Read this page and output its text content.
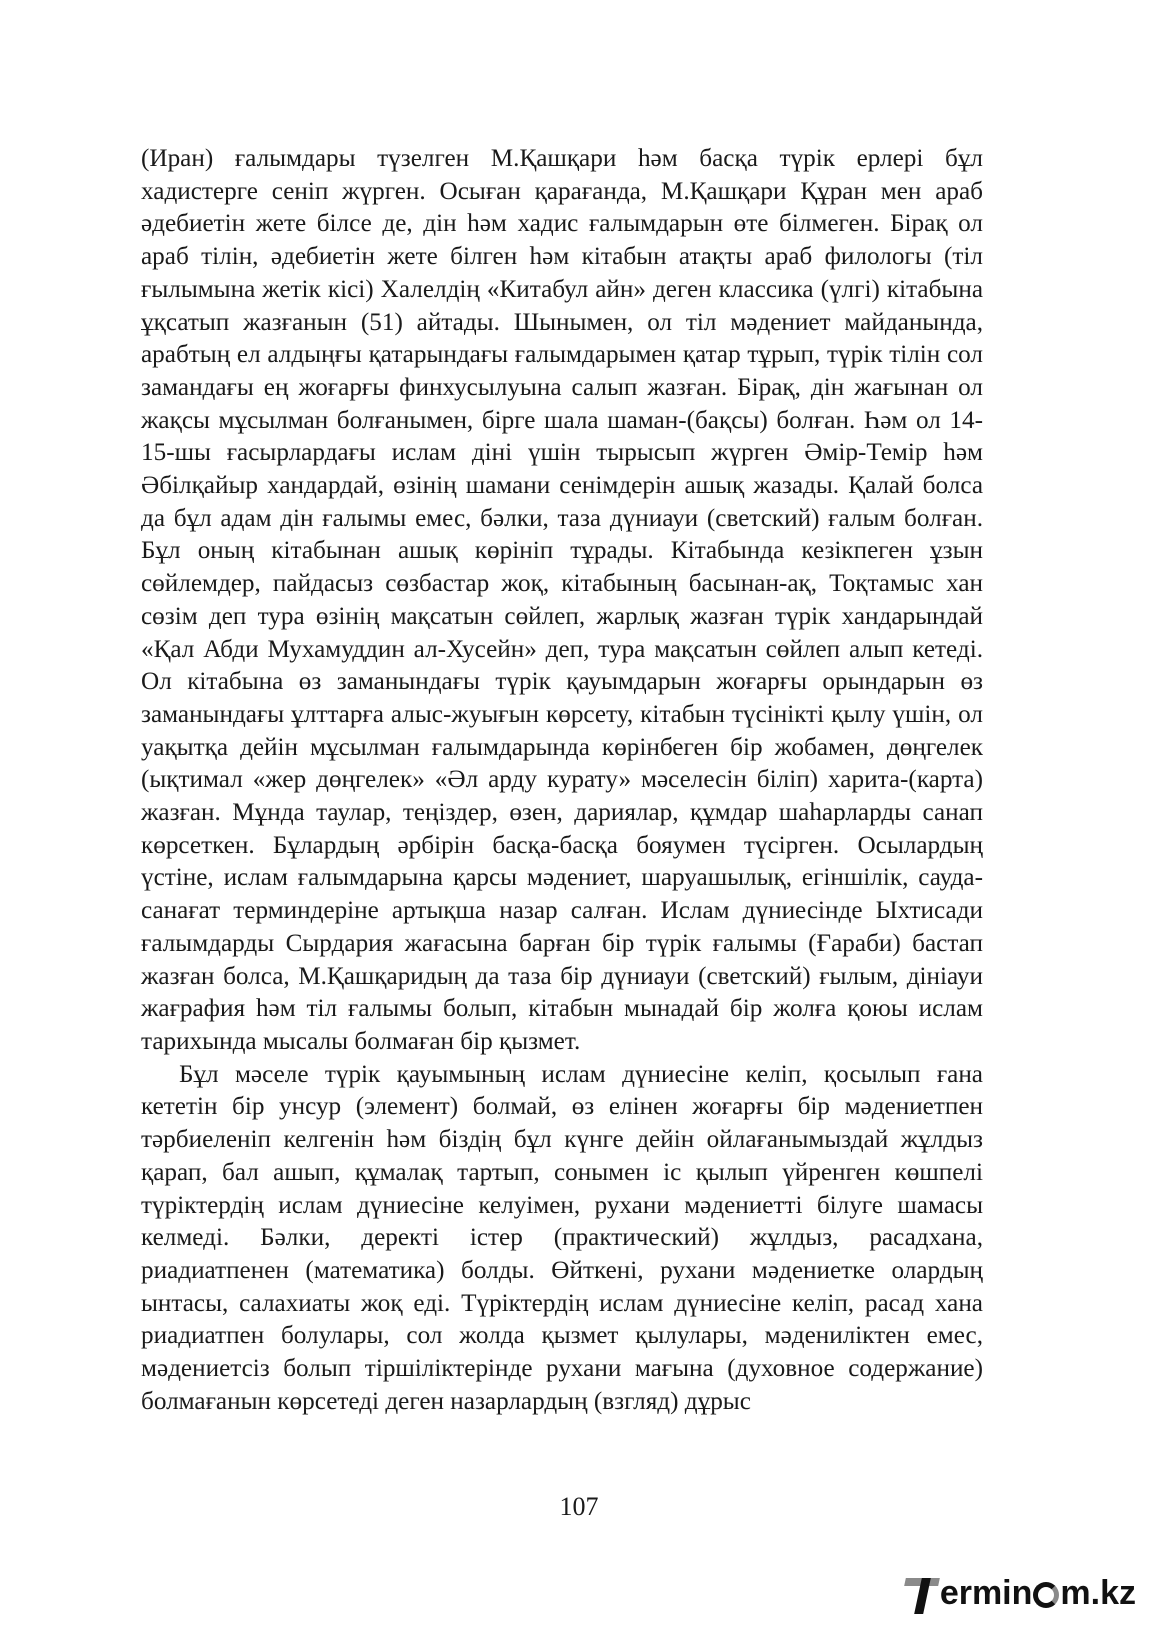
(Иран) ғалымдары түзелген М.Қашқари һәм басқа түрік ерлері бұл хадистерге сеніп жүрген. Осыған қарағанда, М.Қашқари Құран мен араб әдебиетін жете білсе де, дін һәм хадис ғалымдарын өте білмеген. Бірақ ол араб тілін, әдебиетін жете білген һәм кітабын атақты араб филологы (тіл ғылымына жетік кісі) Халелдің «Китабул айн» деген классика (үлгі) кітабына ұқсатып жазғанын (51) айтады. Шынымен, ол тіл мәдениет майданында, арабтың ел алдыңғы қатарындағы ғалымдарымен қатар тұрып, түрік тілін сол замандағы ең жоғарғы финхусылуына салып жазған. Бірақ, дін жағынан ол жақсы мұсылман болғанымен, бірге шала шаман-(бақсы) болған. Һәм ол 14-15-шы ғасырлардағы ислам діні үшін тырысып жүрген Әмір-Темір һәм Әбілқайыр хандардай, өзінің шамани сенімдерін ашық жазады. Қалай болса да бұл адам дін ғалымы емес, бәлки, таза дүниауи (светский) ғалым болған. Бұл оның кітабынан ашық көрініп тұрады. Кітабында кезікпеген ұзын сөйлемдер, пайдасыз сөзбастар жоқ, кітабының басынан-ақ, Тоқтамыс хан сөзім деп тура өзінің мақсатын сөйлеп, жарлық жазған түрік хандарындай «Қал Абди Мухамуддин ал-Хусейн» деп, тура мақсатын сөйлеп алып кетеді. Ол кітабына өз заманындағы түрік қауымдарын жоғарғы орындарын өз заманындағы ұлттарға алыс-жуығын көрсету, кітабын түсінікті қылу үшін, ол уақытқа дейін мұсылман ғалымдарында көрінбеген бір жобамен, дөңгелек (ықтимал «жер дөңгелек» «Әл арду курату» мәселесін біліп) харита-(карта) жазған. Мұнда таулар, теңіздер, өзен, дариялар, құмдар шаһарларды санап көрсеткен. Бұлардың әрбірін басқа-басқа бояумен түсірген. Осылардың үстіне, ислам ғалымдарына қарсы мәдениет, шаруашылық, егіншілік, сауда-санағат терминдеріне артықша назар салған. Ислам дүниесінде Ыхтисади ғалымдарды Сырдария жағасына барған бір түрік ғалымы (Ғараби) бастап жазған болса, М.Қашқаридың да таза бір дүниауи (светский) ғылым, дініауи жағрафия һәм тіл ғалымы болып, кітабын мынадай бір жолға қоюы ислам тарихында мысалы болмаған бір қызмет.

Бұл мәселе түрік қауымының ислам дүниесіне келіп, қосылып ғана кететін бір унсур (элемент) болмай, өз елінен жоғарғы бір мәдениетпен тәрбиеленіп келгенін һәм біздің бұл күнге дейін ойлағанымыздай жұлдыз қарап, бал ашып, құмалақ тартып, сонымен іс қылып үйренген көшпелі түріктердің ислам дүниесіне келуімен, рухани мәдениетті білуге шамасы келмеді. Бәлки, деректі істер (практический) жұлдыз, расадхана, риадиатпенен (математика) болды. Өйткені, рухани мәдениетке олардың ынтасы, салахиаты жоқ еді. Түріктердің ислам дүниесіне келіп, расад хана риадиатпен болулары, сол жолда қызмет қылулары, мәдениліктен емес, мәдениетсіз болып тіршіліктерінде рухани мағына (духовное содержание) болмағанын көрсетеді деген назарлардың (взгляд) дұрыс

107
ermin m.kz
